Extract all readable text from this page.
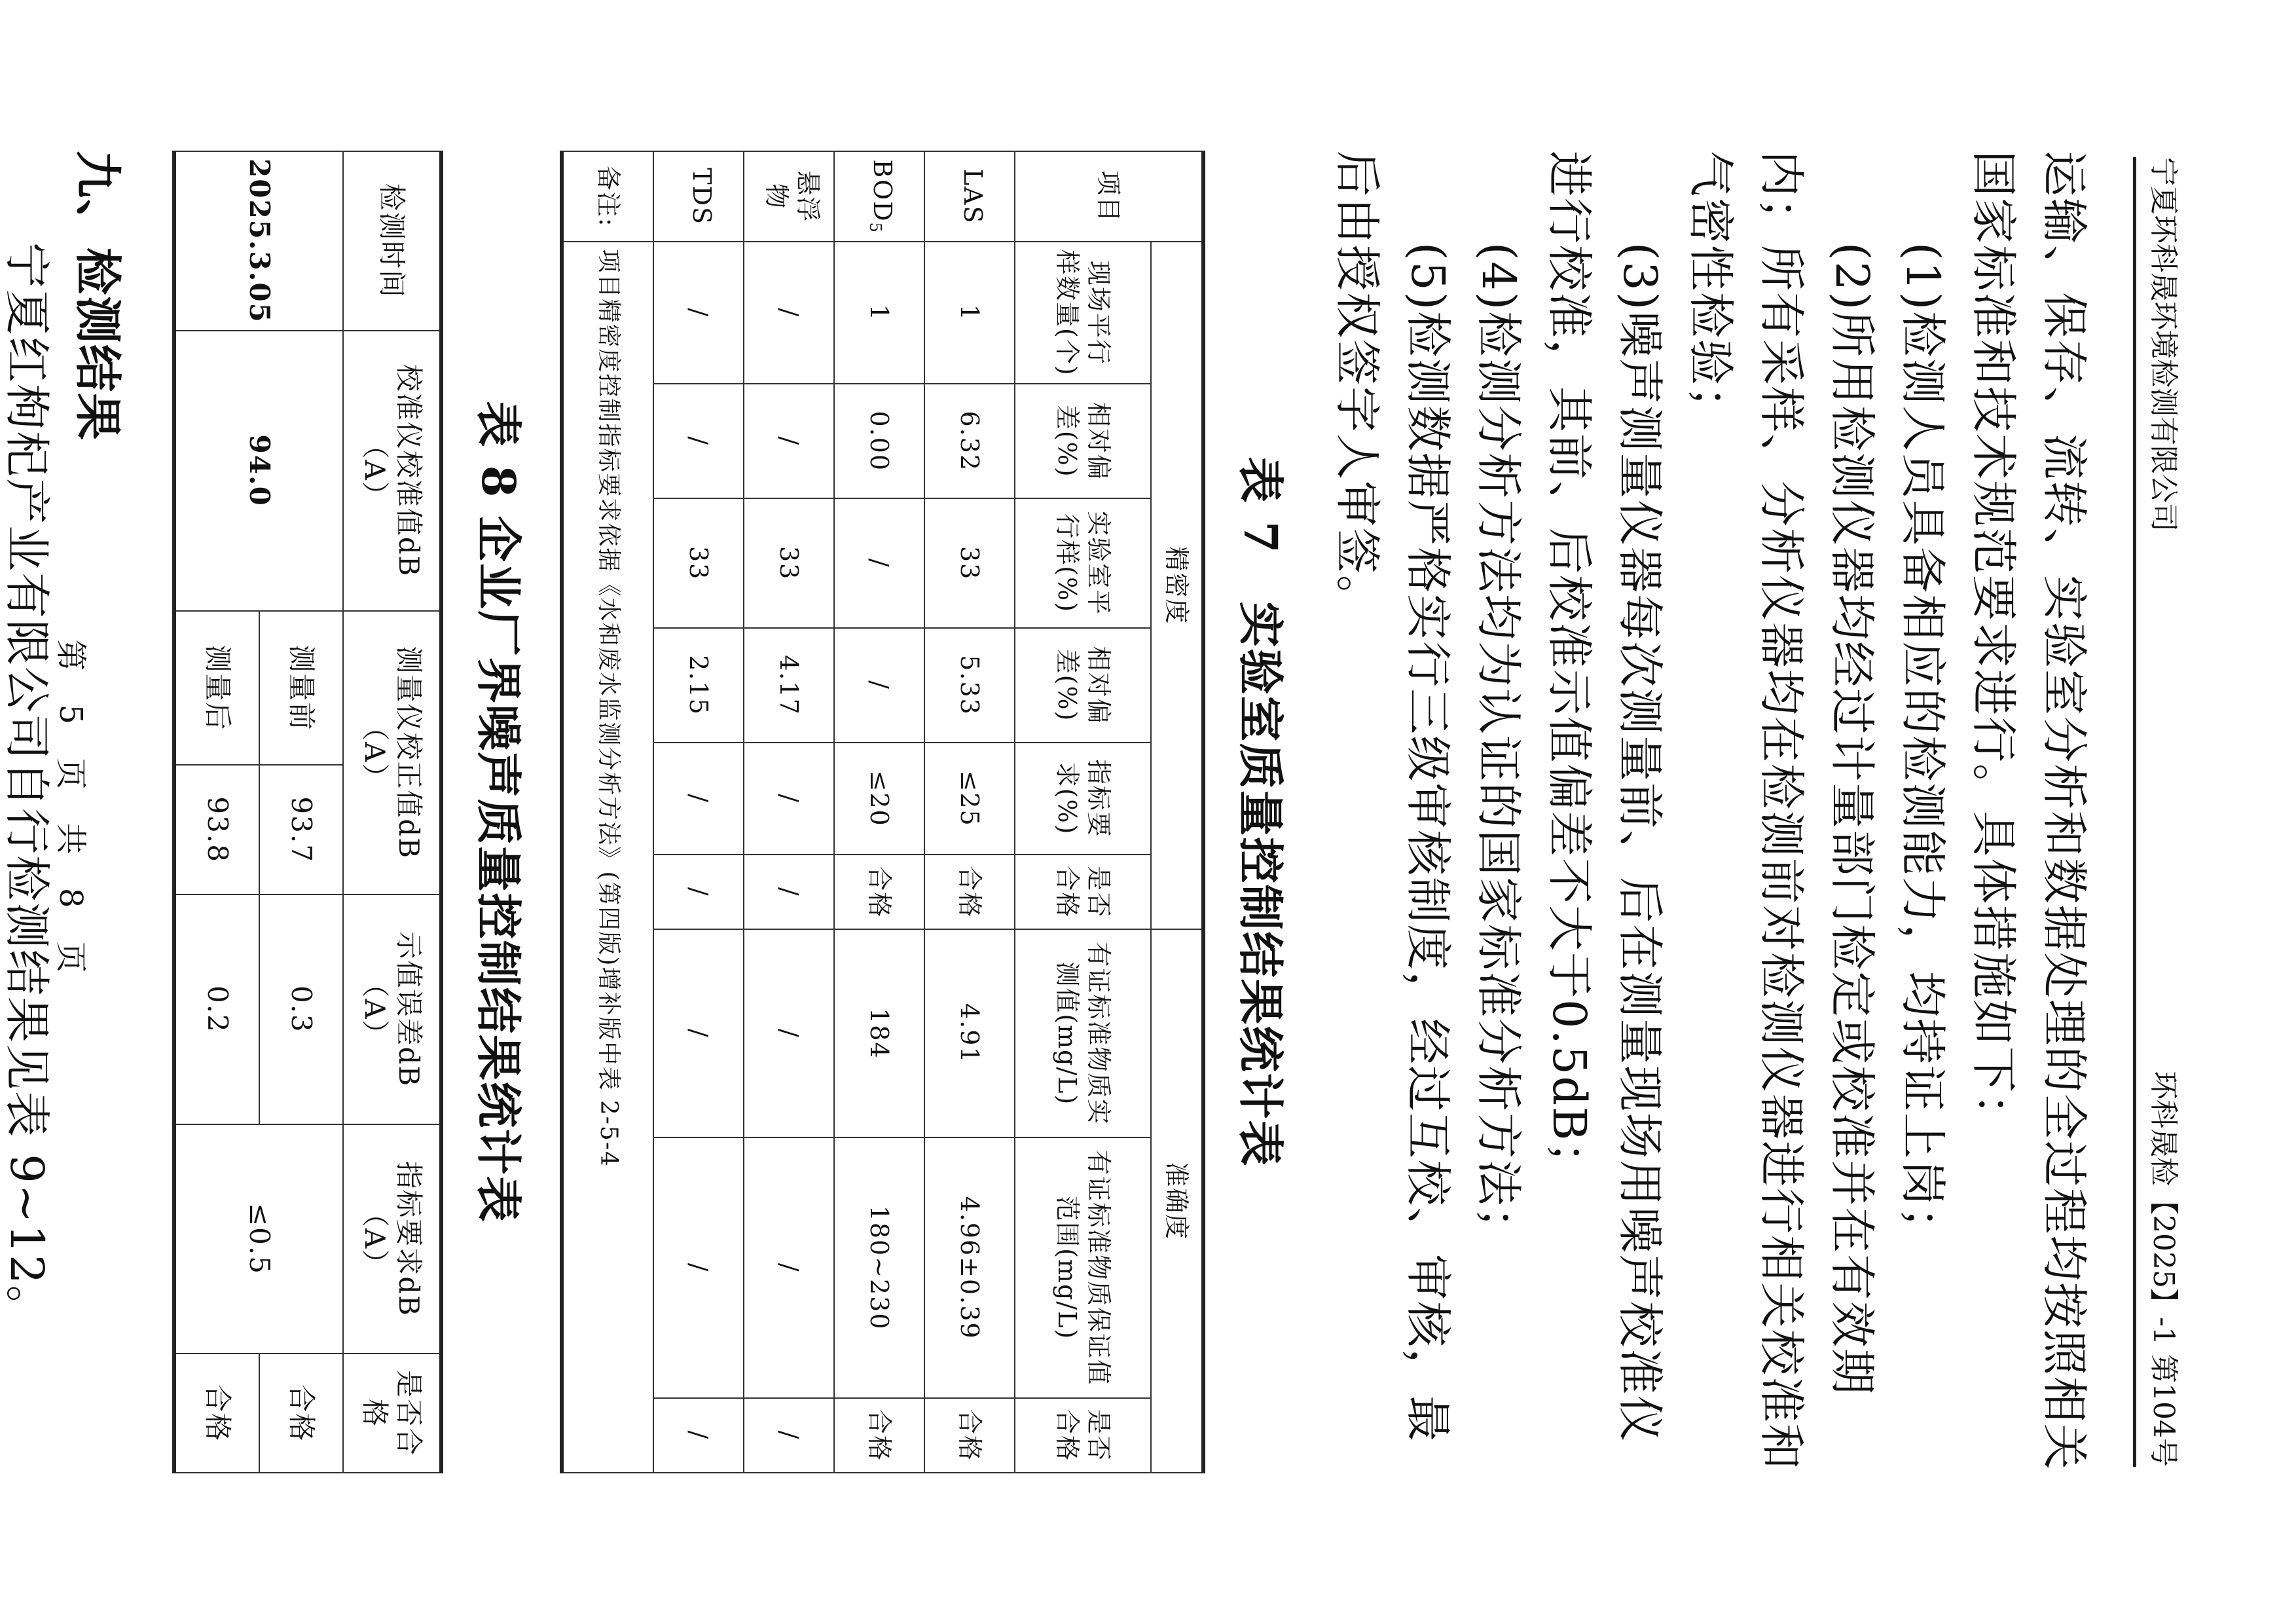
宁夏环科晟环境检测有限公司
环科晟检【2025】-1 第104号

运输、保存、流转、实验室分析和数据处理的全过程均按照相关国家标准和技术规范要求进行。具体措施如下：

(1)检测人员具备相应的检测能力，均持证上岗；

(2)所用检测仪器均经过计量部门检定或校准并在有效期内；所有采样、分析仪器均在检测前对检测仪器进行相关校准和气密性检验；

(3)噪声测量仪器每次测量前、后在测量现场用噪声校准仪进行校准，其前、后校准示值偏差不大于0.5dB；

(4)检测分析方法均为认证的国家标准分析方法；

(5)检测数据严格实行三级审核制度，经过互校、审核，最后由授权签字人审签。

表 7　实验室质量控制结果统计表
项目	精密度						准确度		
	现场平行样数量(个)	相对偏差(%)	实验室平行样(%)	相对偏差(%)	指标要求(%)	是否合格	有证标准物质实测值(mg/L)	有证标准物质保证值范围(mg/L)	是否合格
LAS	1	6.32	33	5.33	≤25	合格	4.91	4.96±0.39	合格
$BOD_5$	1	0.00	/	/	≤20	合格	184	180~230	合格
悬浮物	/	/	33	4.17	/	/	/	/	/
TDS	/	/	33	2.15	/	/	/	/	/
备注:	项目精密度控制指标要求依据《水和废水监测分析方法》(第四版)增补版中表 2-5-4								
表 8 企业厂界噪声质量控制结果统计表
检测时间	校准仪校准值dB（A）	测量仪校正值dB（A）		示值误差dB（A）	指标要求dB（A）	是否合格
2025.3.05	94.0	测量前	93.7	0.3	≤0.5	合格
		测量后	93.8	0.2		合格
九、检测结果

宁夏红枸杞产业有限公司自行检测结果见表 9~12。

第 5 页 共 8 页
